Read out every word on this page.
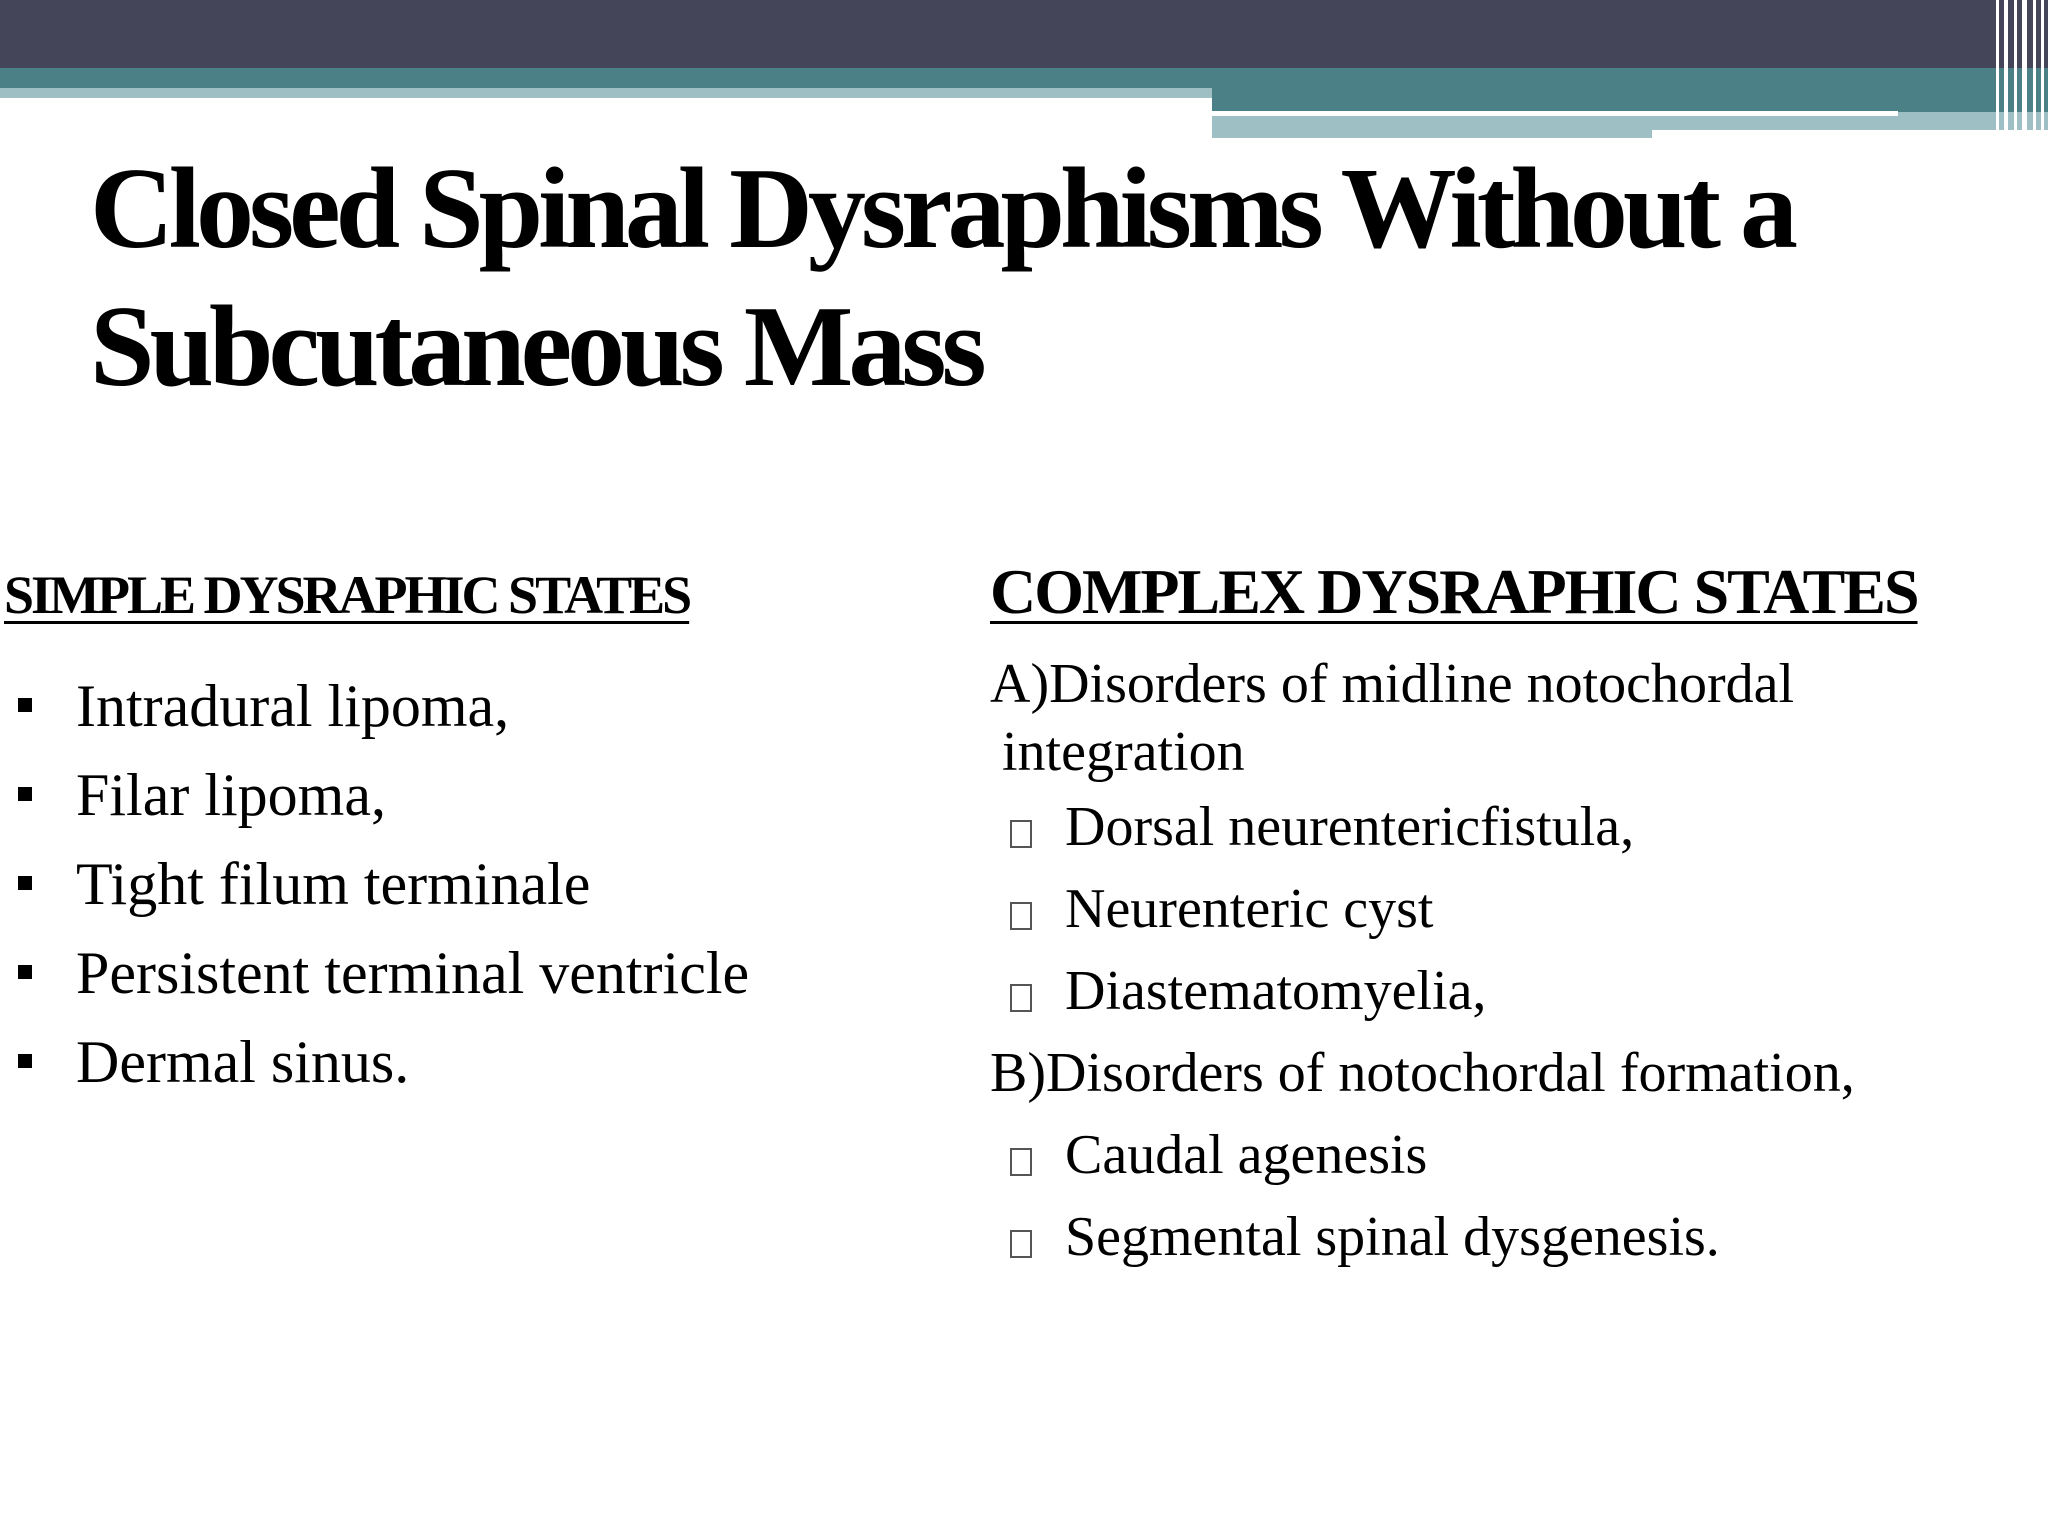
Closed Spinal Dysraphisms Without a
Subcutaneous Mass
SIMPLE DYSRAPHIC STATES
Intradural lipoma,
Filar lipoma,
Tight filum terminale
Persistent terminal ventricle
Dermal sinus.
COMPLEX DYSRAPHIC STATES
A)Disorders of midline notochordal
integration
Dorsal neurentericfistula,
Neurenteric cyst
Diastematomyelia,
B)Disorders of notochordal formation,
Caudal agenesis
Segmental spinal dysgenesis.
